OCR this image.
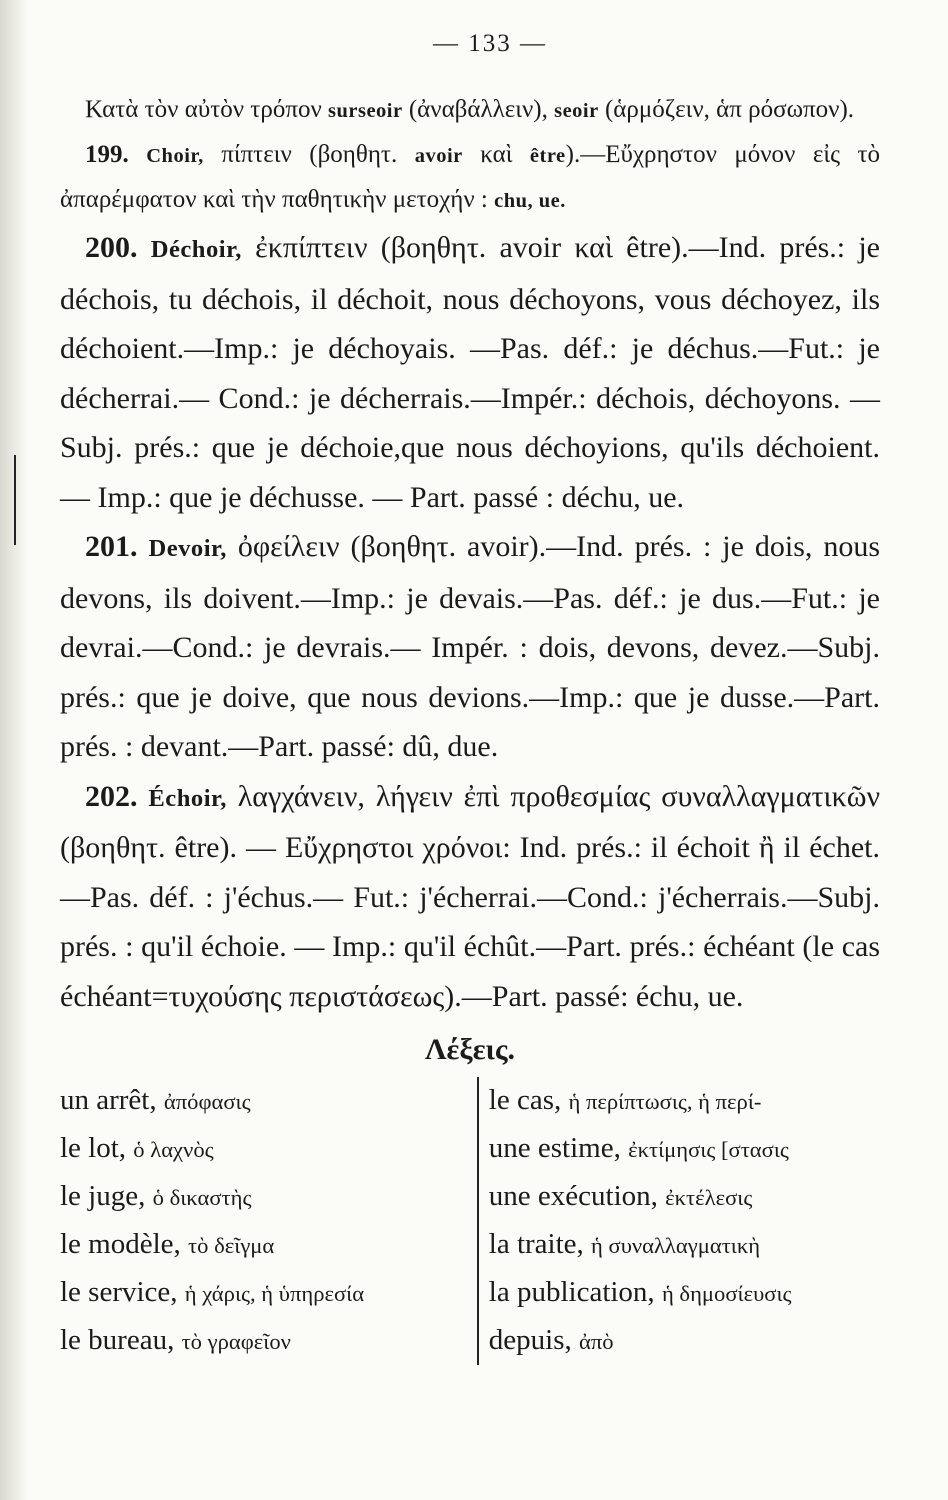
— 133 —

Κατὰ τὸν αὐτὸν τρόπον surseoir (ἀναβάλλειν), seoir (ἁρμόζειν, ἁπ ρόσωπον).

199. Choir, πίπτειν (βοηθητ. avoir καὶ être).—Εὔχρηστον μόνον εἰς τὸ ἀπαρέμφατον καὶ τὴν παθητικὴν μετοχήν : chu, ue.

200. Déchoir, ἐκπίπτειν (βοηθητ. avoir καὶ être).—Ind. prés.: je déchois, tu déchois, il déchoit, nous déchoyons, vous déchoyez, ils déchoient.—Imp.: je déchoyais. —Pas. déf.: je déchus.—Fut.: je décherrai.— Cond.: je décherrais.—Impér.: déchois, déchoyons. — Subj. prés.: que je déchoie,que nous déchoyions, qu'ils déchoient. — Imp.: que je déchusse. — Part. passé : déchu, ue.

201. Devoir, ὀφείλειν (βοηθητ. avoir).—Ind. prés. : je dois, nous devons, ils doivent.—Imp.: je devais.—Pas. déf.: je dus.—Fut.: je devrai.—Cond.: je devrais.— Impér. : dois, devons, devez.—Subj. prés.: que je doive, que nous devions.—Imp.: que je dusse.—Part. prés. : devant.—Part. passé: dû, due.

202. Échoir, λαγχάνειν, λήγειν ἐπὶ προθεσμίας συναλλαγματικῶν (βοηθητ. être). — Εὔχρηστοι χρόνοι: Ind. prés.: il échoit ἢ il échet.—Pas. déf. : j'échus.— Fut.: j'écherrai.—Cond.: j'écherrais.—Subj. prés. : qu'il échoie. — Imp.: qu'il échût.—Part. prés.: échéant (le cas échéant=τυχούσης περιστάσεως).—Part. passé: échu, ue.

Λέξεις.
un arrêt, ἀπόφασις
le lot, ὁ λαχνὸς
le juge, ὁ δικαστὴς
le modèle, τὸ δεῖγμα
le service, ἡ χάρις, ἡ ὑπηρεσία
le bureau, τὸ γραφεῖον
le cas, ἡ περίπτωσις, ἡ περί-
une estime, ἐκτίμησις [στασις
une exécution, ἐκτέλεσις
la traite, ἡ συναλλαγματικὴ
la publication, ἡ δημοσίευσις
depuis, ἀπὸ
